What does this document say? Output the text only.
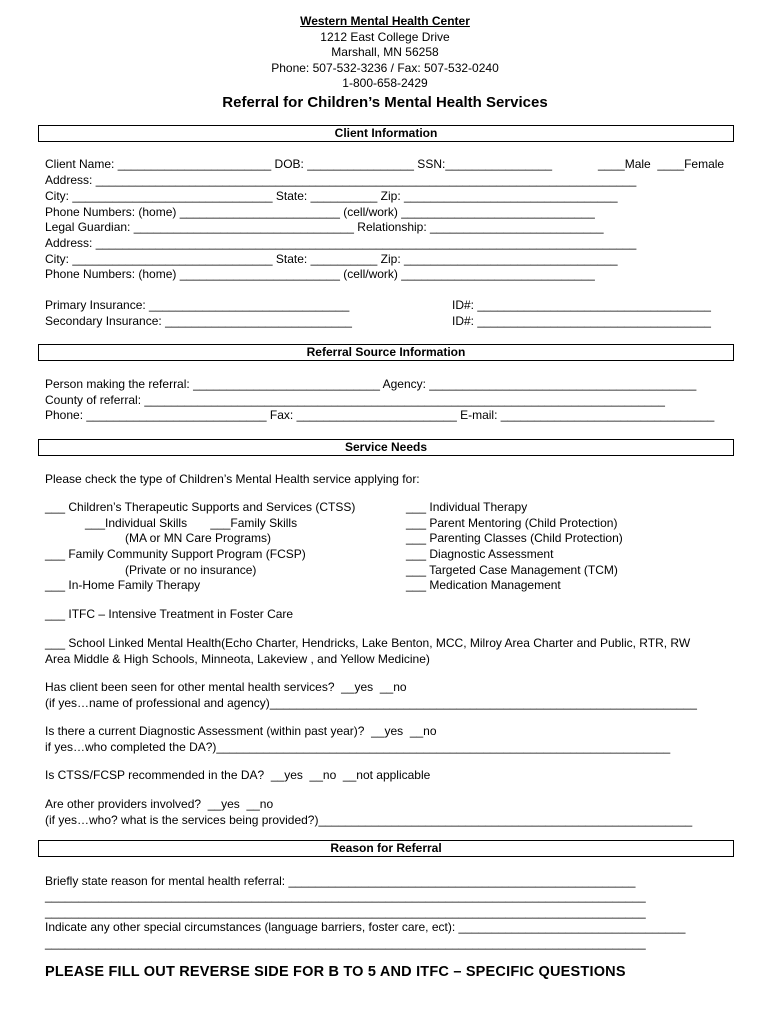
Western Mental Health Center
1212 East College Drive
Marshall, MN 56258
Phone: 507-532-3236 / Fax: 507-532-0240
1-800-658-2429
Referral for Children’s Mental Health Services
Client Information
Client Name: _______________________ DOB: ________________ SSN:________________	____Male  ____Female
Address: _________________________________________________________________________________
City: ______________________________ State: __________ Zip: ________________________________
Phone Numbers: (home) ________________________ (cell/work) _____________________________
Legal Guardian: _________________________________ Relationship: __________________________
Address: _________________________________________________________________________________
City: ______________________________ State: __________ Zip: ________________________________
Phone Numbers: (home) ________________________ (cell/work) _____________________________
Primary Insurance: ______________________________	ID#: ___________________________________
Secondary Insurance: ____________________________	ID#: ___________________________________
Referral Source Information
Person making the referral: ____________________________ Agency: ________________________________________
County of referral: ______________________________________________________________________________
Phone: ___________________________ Fax: ________________________ E-mail: ________________________________
Service Needs
Please check the type of Children’s Mental Health service applying for:
___ Children’s Therapeutic Supports and Services (CTSS)
___Individual Skills       ___Family Skills
(MA or MN Care Programs)
___ Family Community Support Program (FCSP)
(Private or no insurance)
___ In-Home Family Therapy
___ Individual Therapy
___ Parent Mentoring (Child Protection)
___ Parenting Classes (Child Protection)
___ Diagnostic Assessment
___ Targeted Case Management (TCM)
___ Medication Management
___ ITFC – Intensive Treatment in Foster Care
___ School Linked Mental Health(Echo Charter, Hendricks, Lake Benton, MCC, Milroy Area Charter and Public, RTR, RW
Area Middle & High Schools, Minneota, Lakeview , and Yellow Medicine)
Has client been seen for other mental health services?  __yes  __no
(if yes…name of professional and agency)________________________________________________________________
Is there a current Diagnostic Assessment (within past year)?  __yes  __no
if yes…who completed the DA?)____________________________________________________________________
Is CTSS/FCSP recommended in the DA?  __yes  __no  __not applicable
Are other providers involved?  __yes  __no
(if yes…who? what is the services being provided?)________________________________________________________
Reason for Referral
Briefly state reason for mental health referral: ____________________________________________________
__________________________________________________________________________________________
__________________________________________________________________________________________
Indicate any other special circumstances (language barriers, foster care, ect): __________________________________
__________________________________________________________________________________________
PLEASE FILL OUT REVERSE SIDE FOR B TO 5 AND ITFC – SPECIFIC QUESTIONS
